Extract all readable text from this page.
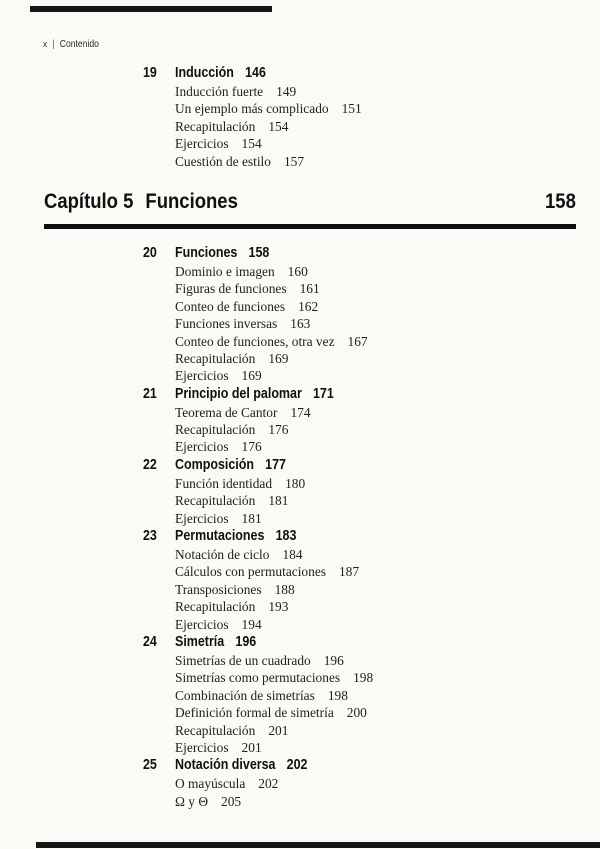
x | Contenido
19 Inducción 146
Inducción fuerte 149
Un ejemplo más complicado 151
Recapitulación 154
Ejercicios 154
Cuestión de estilo 157
Capítulo 5 Funciones	158
20 Funciones 158
Dominio e imagen 160
Figuras de funciones 161
Conteo de funciones 162
Funciones inversas 163
Conteo de funciones, otra vez 167
Recapitulación 169
Ejercicios 169
21 Principio del palomar 171
Teorema de Cantor 174
Recapitulación 176
Ejercicios 176
22 Composición 177
Función identidad 180
Recapitulación 181
Ejercicios 181
23 Permutaciones 183
Notación de ciclo 184
Cálculos con permutaciones 187
Transposiciones 188
Recapitulación 193
Ejercicios 194
24 Simetría 196
Simetrías de un cuadrado 196
Simetrías como permutaciones 198
Combinación de simetrías 198
Definición formal de simetría 200
Recapitulación 201
Ejercicios 201
25 Notación diversa 202
O mayúscula 202
Ω y Θ 205
